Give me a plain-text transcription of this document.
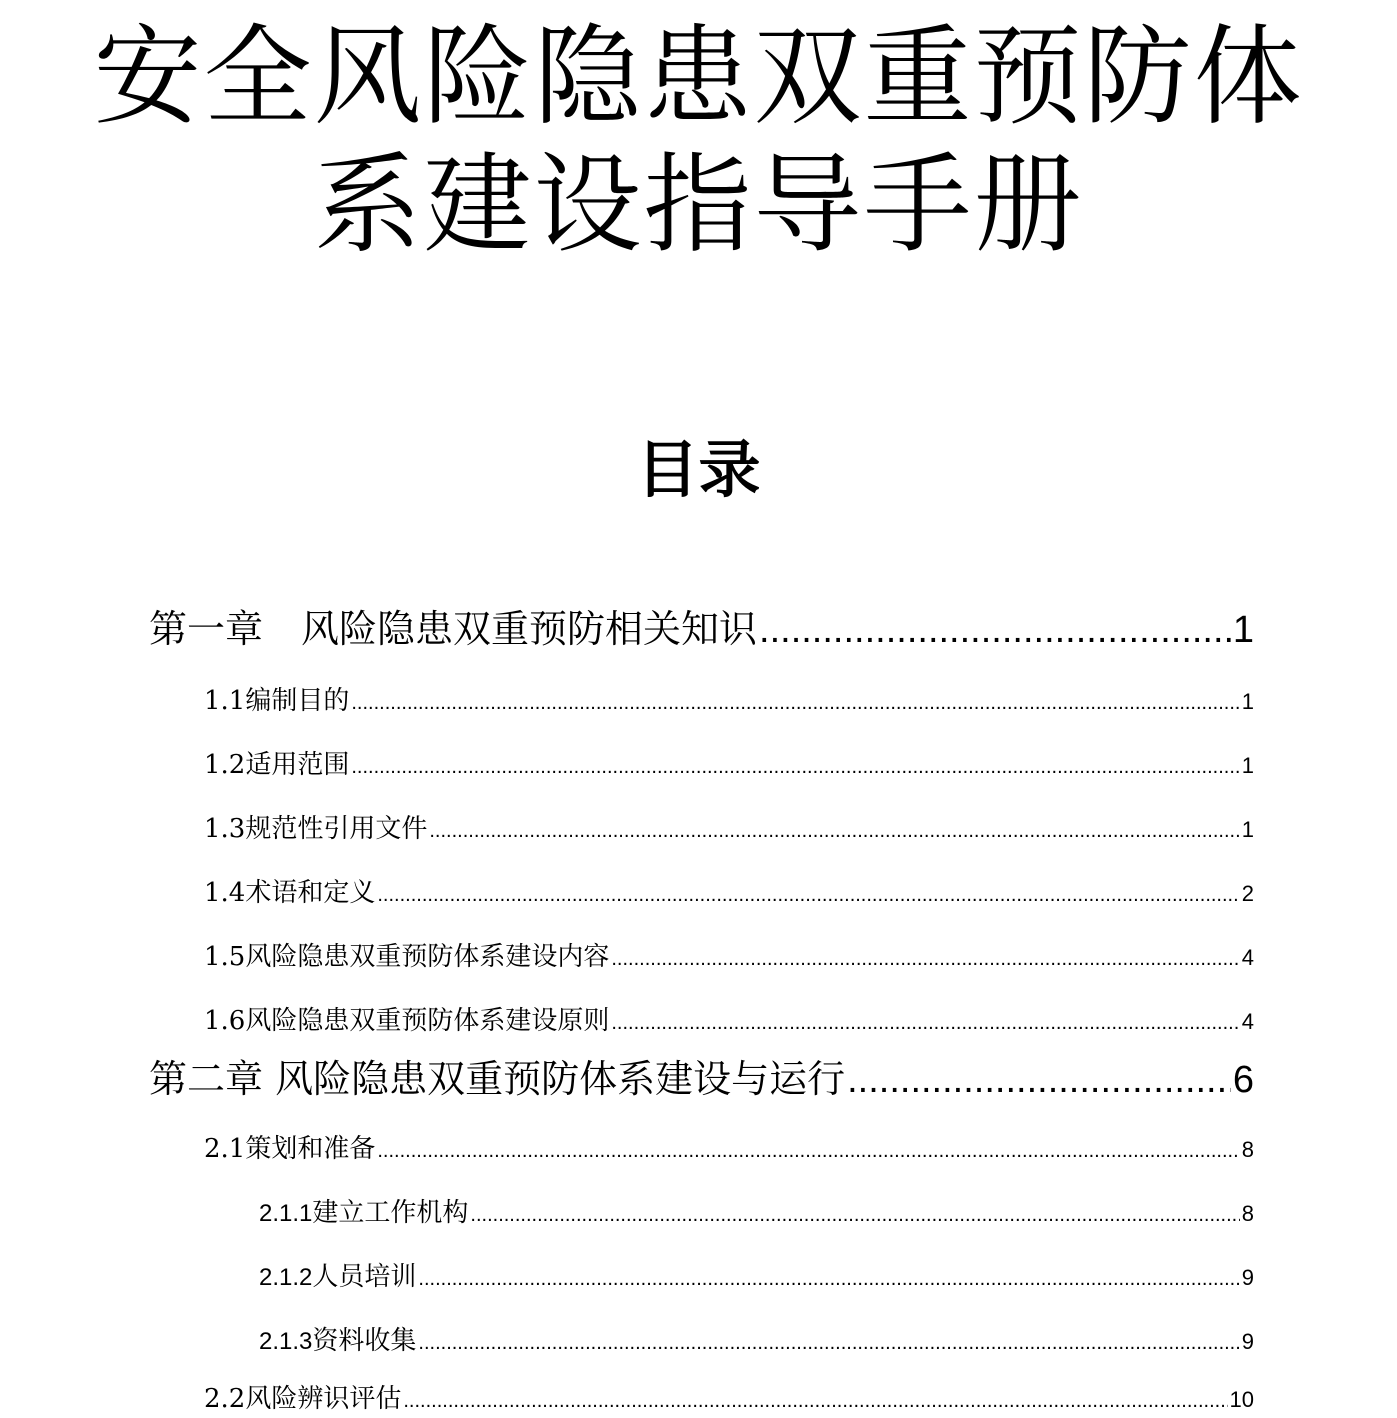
安全风险隐患双重预防体
系建设指导手册
目录
第一章　风险隐患双重预防相关知识 .....	1
1.1 编制目的 .....	1
1.2 适用范围 .....	1
1.3 规范性引用文件 .....	1
1.4 术语和定义 .....	2
1.5 风险隐患双重预防体系建设内容 .....	4
1.6 风险隐患双重预防体系建设原则 .....	4
第二章 风险隐患双重预防体系建设与运行 .....	6
2.1 策划和准备 .....	8
2.1.1 建立工作机构 .....	8
2.1.2 人员培训 .....	9
2.1.3 资料收集 .....	9
2.2 风险辨识评估 .....	10
